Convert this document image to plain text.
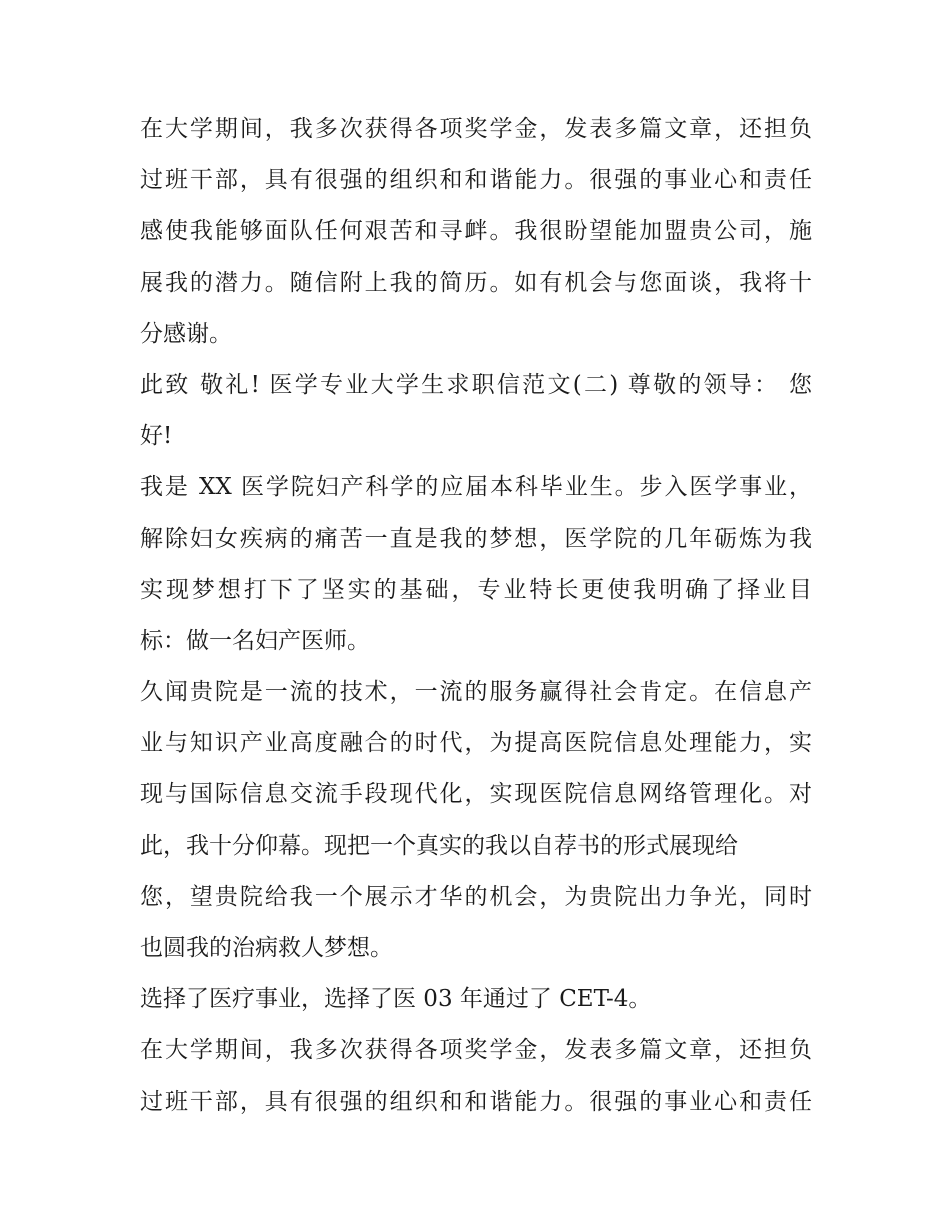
在大学期间，我多次获得各项奖学金，发表多篇文章，还担负
过班干部，具有很强的组织和和谐能力。很强的事业心和责任
感使我能够面队任何艰苦和寻衅。我很盼望能加盟贵公司，施
展我的潜力。随信附上我的简历。如有机会与您面谈，我将十
分感谢。
此致 敬礼! 医学专业大学生求职信范文(二) 尊敬的领导： 您
好!
我是 XX 医学院妇产科学的应届本科毕业生。步入医学事业，
解除妇女疾病的痛苦一直是我的梦想，医学院的几年砺炼为我
实现梦想打下了坚实的基础，专业特长更使我明确了择业目
标：做一名妇产医师。
久闻贵院是一流的技术，一流的服务赢得社会肯定。在信息产
业与知识产业高度融合的时代，为提高医院信息处理能力，实
现与国际信息交流手段现代化，实现医院信息网络管理化。对
此，我十分仰幕。现把一个真实的我以自荐书的形式展现给
您，望贵院给我一个展示才华的机会，为贵院出力争光，同时
也圆我的治病救人梦想。
选择了医疗事业，选择了医 03 年通过了 CET-4。
在大学期间，我多次获得各项奖学金，发表多篇文章，还担负
过班干部，具有很强的组织和和谐能力。很强的事业心和责任
